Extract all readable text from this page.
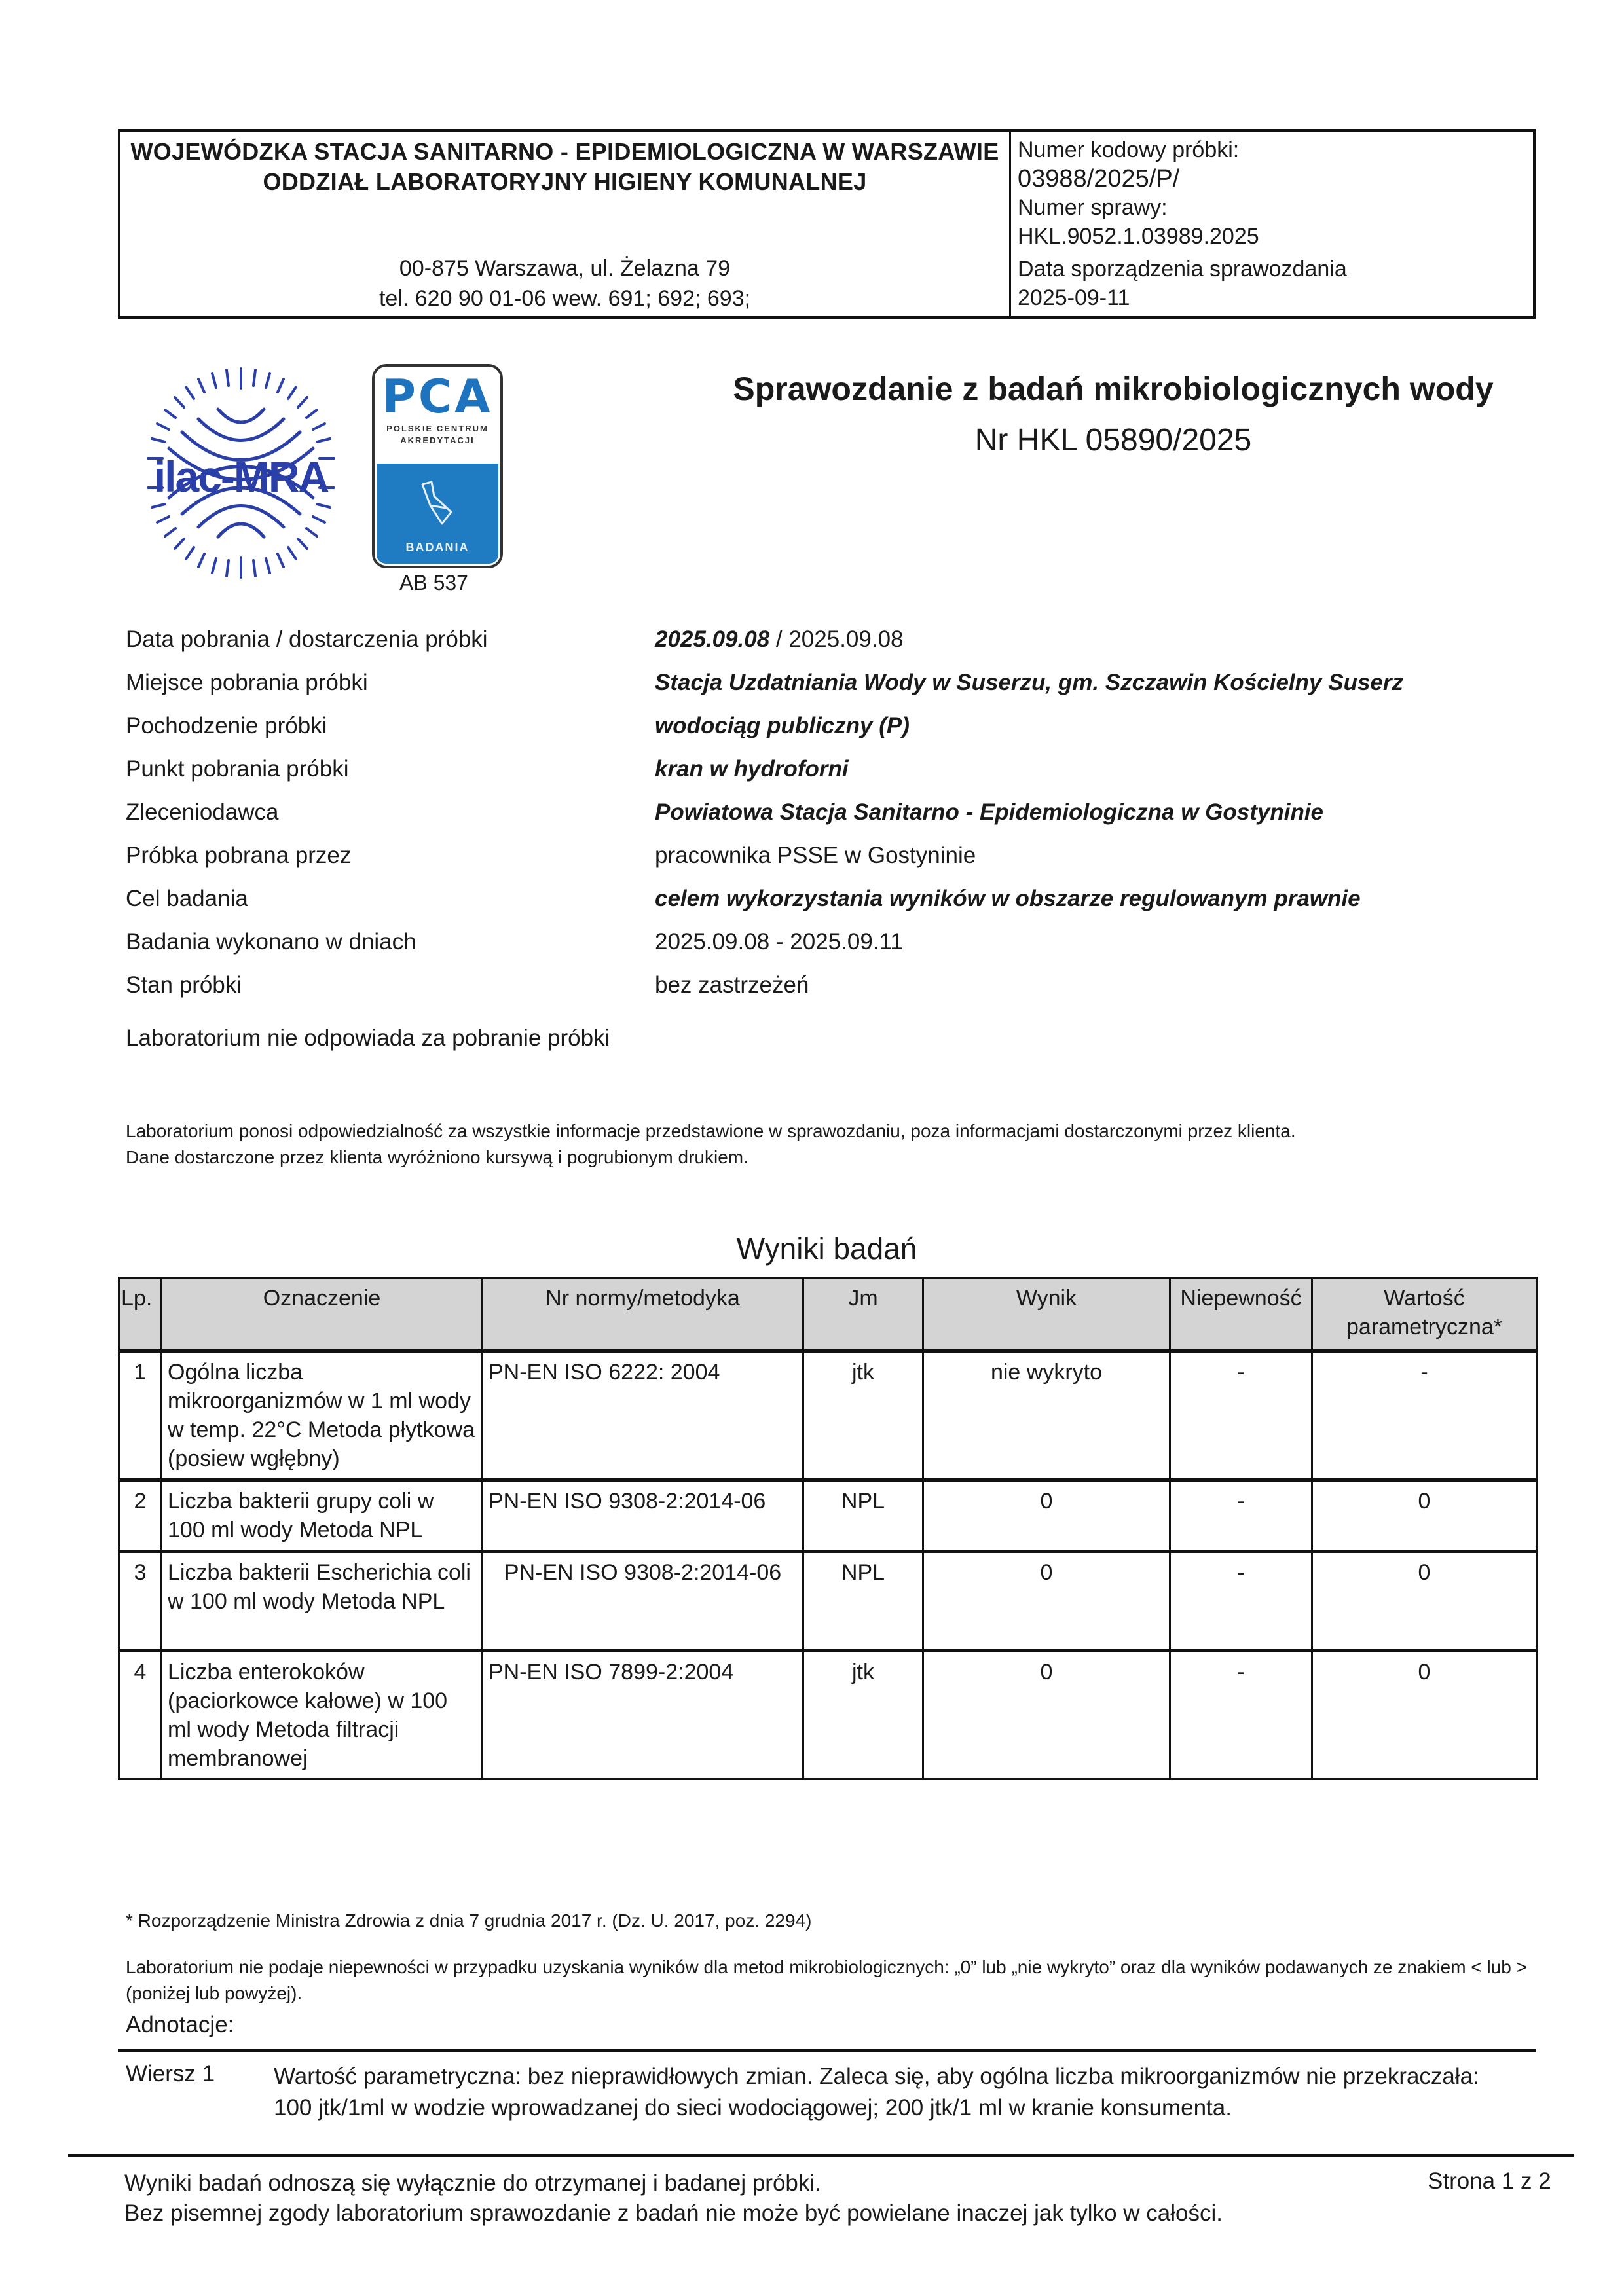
WOJEWÓDZKA STACJA SANITARNO - EPIDEMIOLOGICZNA W WARSZAWIE
ODDZIAŁ LABORATORYJNY HIGIENY KOMUNALNEJ
00-875 Warszawa, ul. Żelazna 79
tel. 620 90 01-06 wew. 691; 692; 693;
Numer kodowy próbki:
03988/2025/P/
Numer sprawy:
HKL.9052.1.03989.2025
Data sporządzenia sprawozdania
2025-09-11
ilac-MRA
PCA
POLSKIE CENTRUM
AKREDYTACJI
BADANIA
AB 537
Sprawozdanie z badań mikrobiologicznych wody
Nr HKL 05890/2025
Data pobrania / dostarczenia próbki	2025.09.08 / 2025.09.08
Miejsce pobrania próbki	Stacja Uzdatniania Wody w Suserzu, gm. Szczawin Kościelny Suserz
Pochodzenie próbki	wodociąg publiczny (P)
Punkt pobrania próbki	kran w hydroforni
Zleceniodawca	Powiatowa Stacja Sanitarno - Epidemiologiczna w Gostyninie
Próbka pobrana przez	pracownika PSSE w Gostyninie
Cel badania	celem wykorzystania wyników w obszarze regulowanym prawnie
Badania wykonano w dniach	2025.09.08 - 2025.09.11
Stan próbki	bez zastrzeżeń
Laboratorium nie odpowiada za pobranie próbki
Laboratorium ponosi odpowiedzialność za wszystkie informacje przedstawione w sprawozdaniu, poza informacjami dostarczonymi przez klienta.
Dane dostarczone przez klienta wyróżniono kursywą i pogrubionym drukiem.
Wyniki badań
Lp.	Oznaczenie	Nr normy/metodyka	Jm	Wynik	Niepewność	Wartość parametryczna*
1	Ogólna liczba mikroorganizmów w 1 ml wody w temp. 22°C Metoda płytkowa (posiew wgłębny)	PN-EN ISO 6222: 2004	jtk	nie wykryto	-	-
2	Liczba bakterii grupy coli w 100 ml wody Metoda NPL	PN-EN ISO 9308-2:2014-06	NPL	0	-	0
3	Liczba bakterii Escherichia coli w 100 ml wody Metoda NPL	PN-EN ISO 9308-2:2014-06	NPL	0	-	0
4	Liczba enterokoków (paciorkowce kałowe) w 100 ml wody Metoda filtracji membranowej	PN-EN ISO 7899-2:2004	jtk	0	-	0
* Rozporządzenie Ministra Zdrowia z dnia 7 grudnia 2017 r. (Dz. U. 2017, poz. 2294)
Laboratorium nie podaje niepewności w przypadku uzyskania wyników dla metod mikrobiologicznych: „0” lub „nie wykryto” oraz dla wyników podawanych ze znakiem < lub > (poniżej lub powyżej).
Adnotacje:
Wiersz 1	Wartość parametryczna: bez nieprawidłowych zmian. Zaleca się, aby ogólna liczba mikroorganizmów nie przekraczała: 100 jtk/1ml w wodzie wprowadzanej do sieci wodociągowej; 200 jtk/1 ml w kranie konsumenta.
Wyniki badań odnoszą się wyłącznie do otrzymanej i badanej próbki.
Bez pisemnej zgody laboratorium sprawozdanie z badań nie może być powielane inaczej jak tylko w całości.
Strona 1 z 2
